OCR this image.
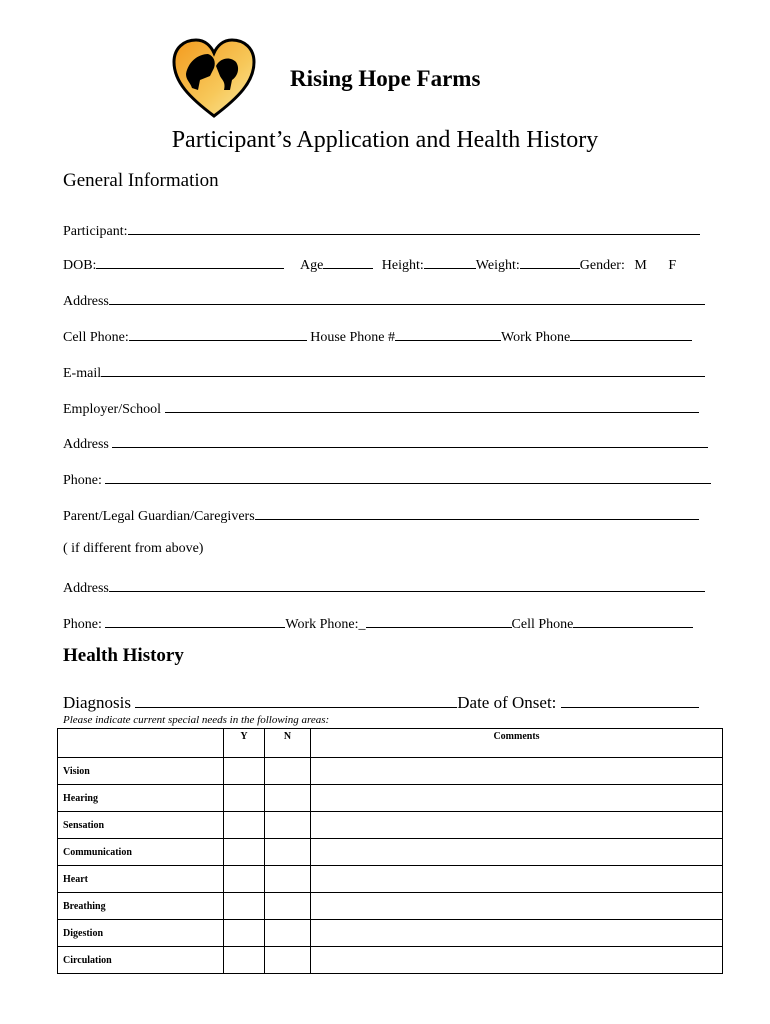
Rising Hope Farms
Participant’s Application and Health History
General Information
Participant:
DOB:	Age	Height:	Weight:	Gender: M F
Address
Cell Phone:	House Phone #	Work Phone
E-mail
Employer/School
Address
Phone:
Parent/Legal Guardian/Caregivers
( if different from above)
Address
Phone:	Work Phone:_	Cell Phone
Health History
Diagnosis	Date of Onset:
Please indicate current special needs in the following areas:
	Y	N	Comments
Vision			
Hearing			
Sensation			
Communication			
Heart			
Breathing			
Digestion			
Circulation			
